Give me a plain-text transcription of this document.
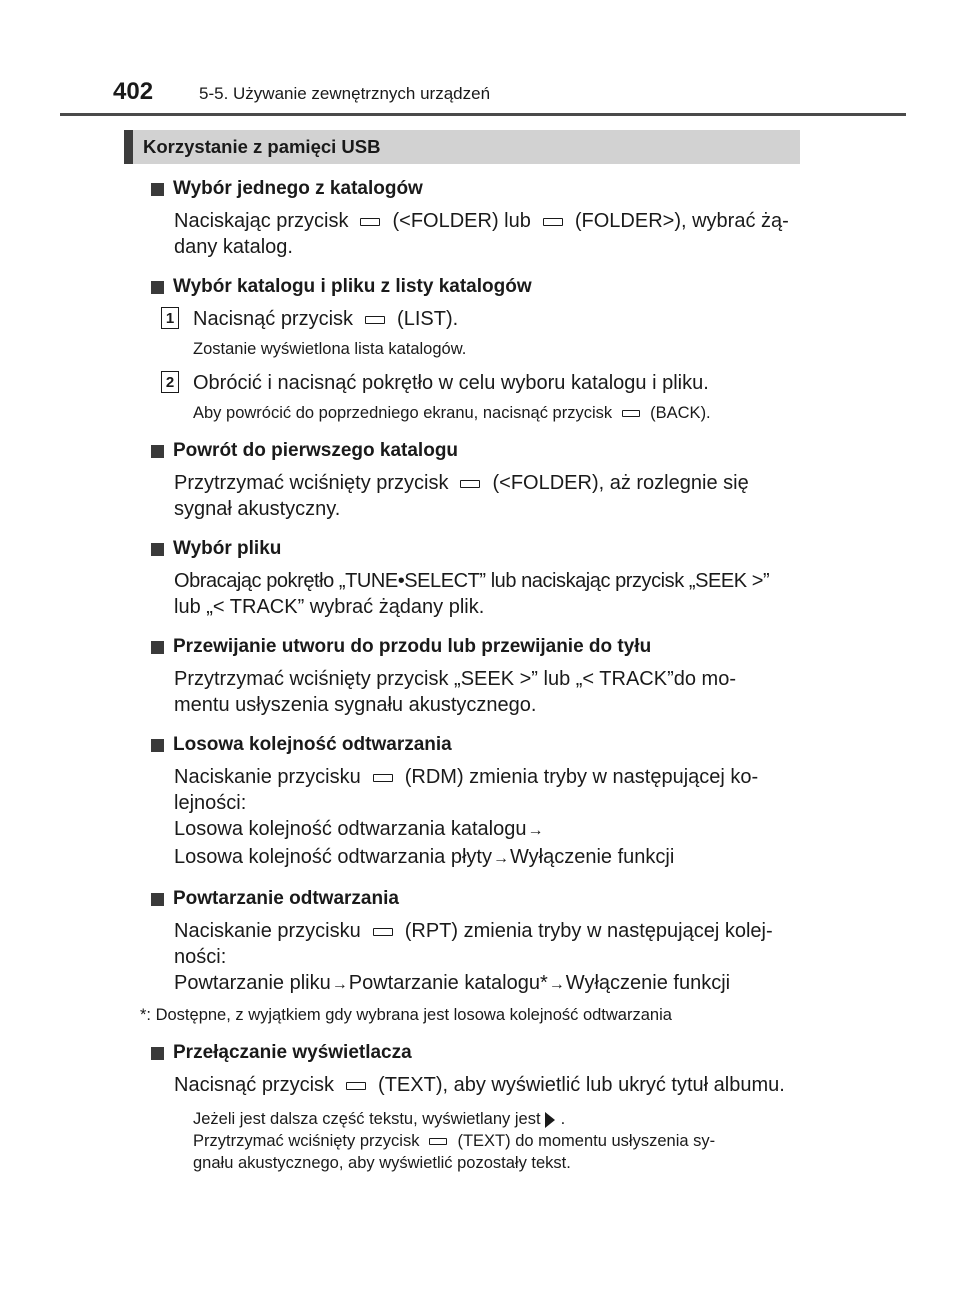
402	5-5. Używanie zewnętrznych urządzeń
Korzystanie z pamięci USB
Wybór jednego z katalogów

Naciskając przycisk (<FOLDER) lub (FOLDER>), wybrać żą-
dany katalog.

Wybór katalogu i pliku z listy katalogów
1 Nacisnąć przycisk (LIST).

Zostanie wyświetlona lista katalogów.

2 Obrócić i nacisnąć pokrętło w celu wyboru katalogu i pliku.

Aby powrócić do poprzedniego ekranu, nacisnąć przycisk (BACK).

Powrót do pierwszego katalogu

Przytrzymać wciśnięty przycisk (<FOLDER), aż rozlegnie się
sygnał akustyczny.

Wybór pliku

Obracając pokrętło „TUNE•SELECT” lub naciskając przycisk „SEEK >”
lub „< TRACK” wybrać żądany plik.

Przewijanie utworu do przodu lub przewijanie do tyłu

Przytrzymać wciśnięty przycisk „SEEK >” lub „< TRACK”do mo-
mentu usłyszenia sygnału akustycznego.

Losowa kolejność odtwarzania

Naciskanie przycisku (RDM) zmienia tryby w następującej ko-
lejności:
Losowa kolejność odtwarzania katalogu→
Losowa kolejność odtwarzania płyty→Wyłączenie funkcji

Powtarzanie odtwarzania

Naciskanie przycisku (RPT) zmienia tryby w następującej kolej-
ności:
Powtarzanie pliku→Powtarzanie katalogu*→Wyłączenie funkcji

*: Dostępne, z wyjątkiem gdy wybrana jest losowa kolejność odtwarzania

Przełączanie wyświetlacza

Nacisnąć przycisk (TEXT), aby wyświetlić lub ukryć tytuł albumu.

Jeżeli jest dalsza część tekstu, wyświetlany jest .

Przytrzymać wciśnięty przycisk (TEXT) do momentu usłyszenia sy-
gnału akustycznego, aby wyświetlić pozostały tekst.
